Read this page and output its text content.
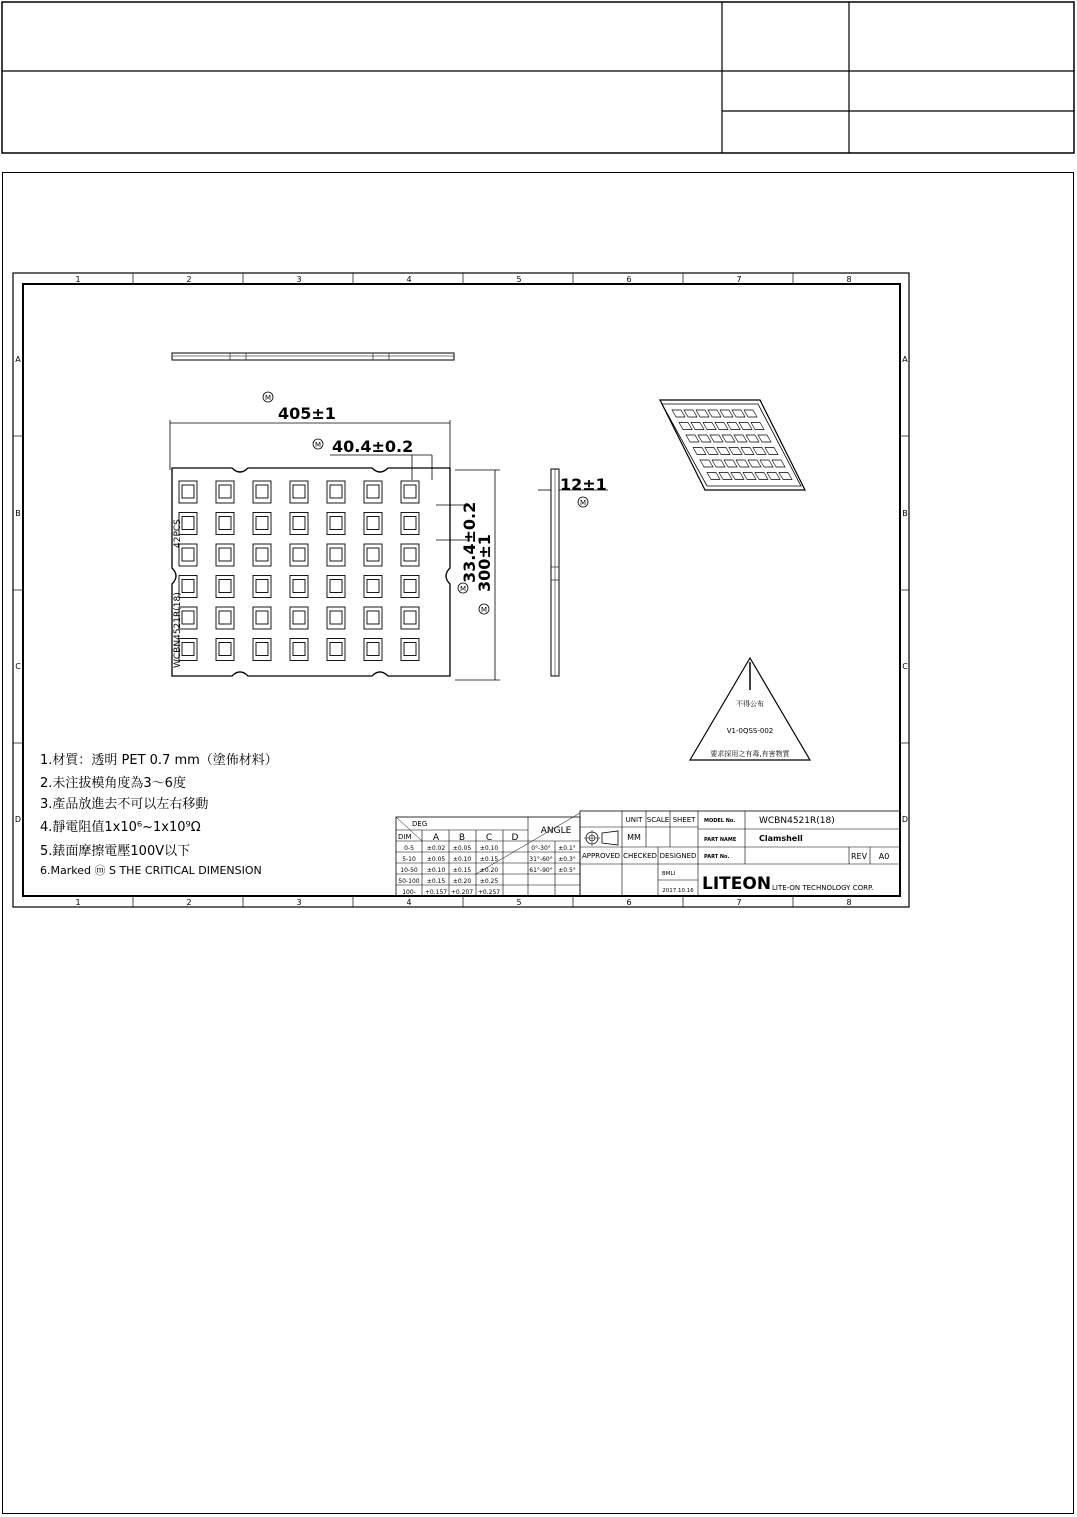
42PCS
WCBN4521R(18)
M
405±1
M 40.4±0.2
33.4±0.2
M 300±1
M
12±1
M
不得公布
V1-0QSS-002
要求採用之有毒,有害物質
1.材質：透明 PET 0.7 mm（塗佈材料）
2.未注拔模角度為3～6度
3.產品放進去不可以左右移動
4.靜電阻值1x10⁶~1x10⁹Ω
5.錶面摩擦電壓100V以下
6.Marked ⓜ S THE CRITICAL DIMENSION
1
1
2
2
3
3
4
4
5
5
6
6
7
7
8
8
A	A
B	B
C	C
D	D
DEG
DIM A B C D
ANGLE
0-5 ±0.02 ±0.05 ±0.10	0°-30° ±0.1°
5-10 ±0.05 ±0.10 ±0.15	31°-60° ±0.3°
10-50 ±0.10 ±0.15 ±0.20	61°-90° ±0.5°
50-100 ±0.15 ±0.20 ±0.25
100- +0.157 +0.207 +0.257
UNIT SCALE SHEET
MM
APPROVED CHECKED DESIGNED
BMLI
2017.10.16
MODEL No.	WCBN4521R(18)
PART NAME	Clamshell
PART No.	REV A0
LITEON LITE-ON TECHNOLOGY CORP.
